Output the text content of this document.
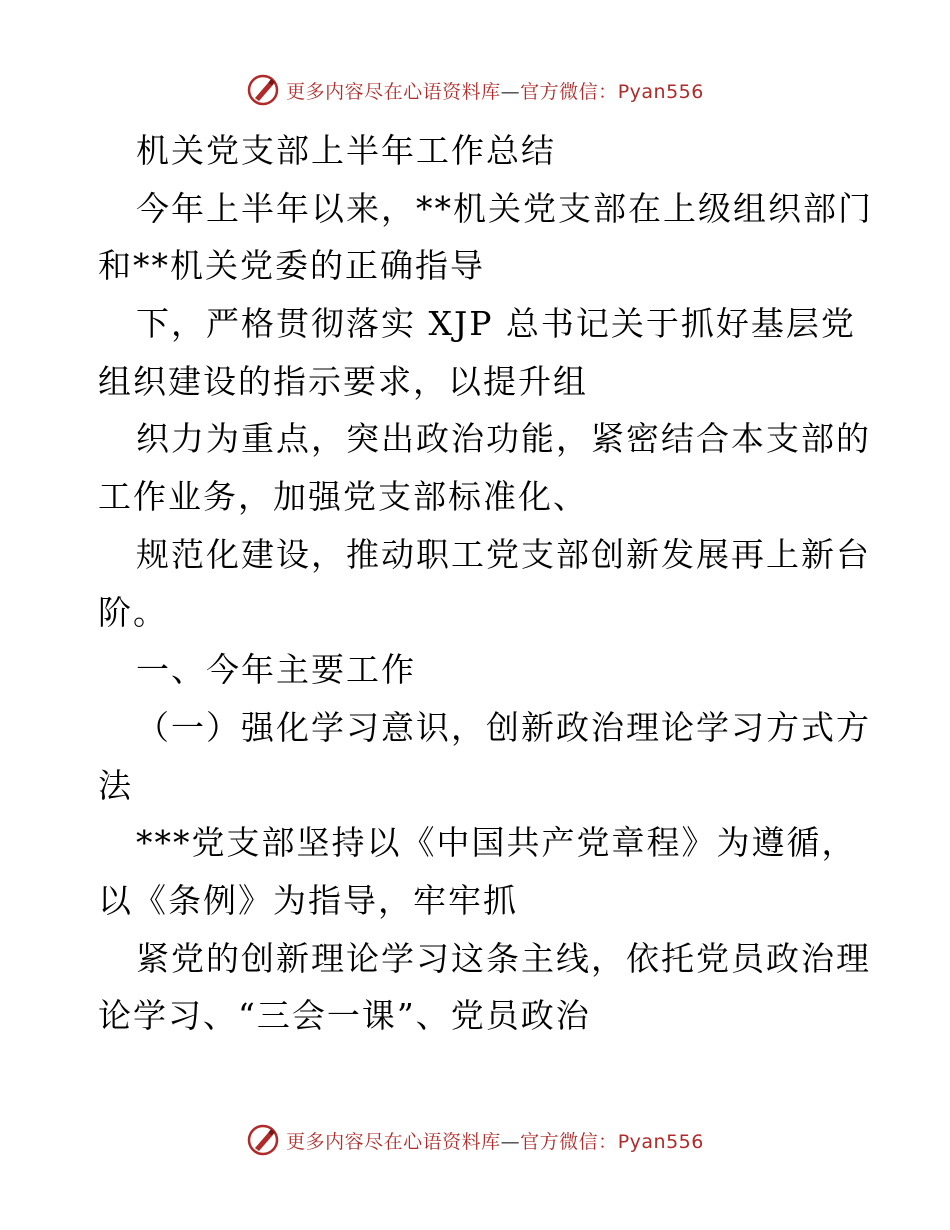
更多内容尽在心语资料库—官方微信：Pyan556
机关党支部上半年工作总结
今年上半年以来，**机关党支部在上级组织部门
和**机关党委的正确指导
下，严格贯彻落实 XJP 总书记关于抓好基层党
组织建设的指示要求，以提升组
织力为重点，突出政治功能，紧密结合本支部的
工作业务，加强党支部标准化、
规范化建设，推动职工党支部创新发展再上新台
阶。
一、今年主要工作
（一）强化学习意识，创新政治理论学习方式方
法
***党支部坚持以《中国共产党章程》为遵循，
以《条例》为指导，牢牢抓
紧党的创新理论学习这条主线，依托党员政治理
论学习、“三会一课”、党员政治
更多内容尽在心语资料库—官方微信：Pyan556
